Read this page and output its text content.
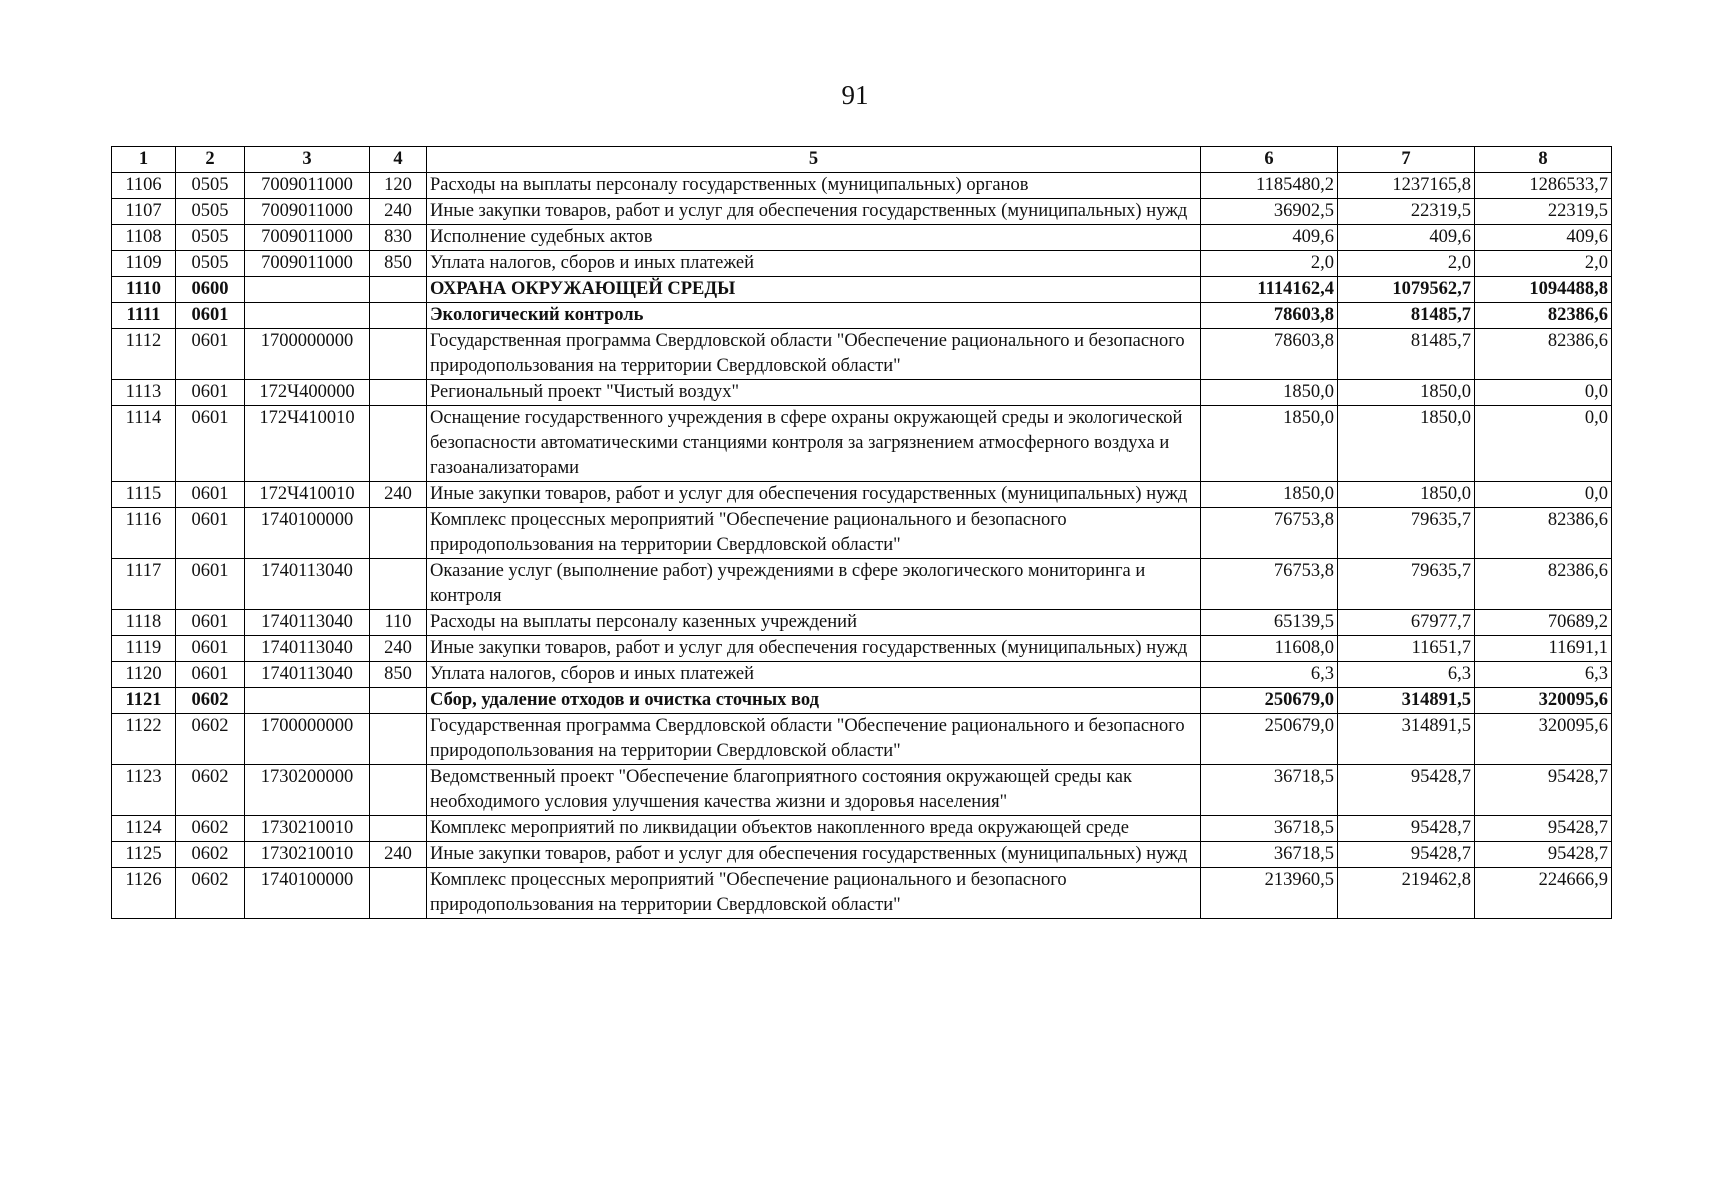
91
1	2	3	4	5	6	7	8
1106	0505	7009011000	120	Расходы на выплаты персоналу государственных (муниципальных) органов	1185480,2	1237165,8	1286533,7
1107	0505	7009011000	240	Иные закупки товаров, работ и услуг для обеспечения государственных (муниципальных) нужд	36902,5	22319,5	22319,5
1108	0505	7009011000	830	Исполнение судебных актов	409,6	409,6	409,6
1109	0505	7009011000	850	Уплата налогов, сборов и иных платежей	2,0	2,0	2,0
1110	0600			ОХРАНА ОКРУЖАЮЩЕЙ СРЕДЫ	1114162,4	1079562,7	1094488,8
1111	0601			Экологический контроль	78603,8	81485,7	82386,6
1112	0601	1700000000		Государственная программа Свердловской области "Обеспечение рационального и безопасного природопользования на территории Свердловской области"	78603,8	81485,7	82386,6
1113	0601	172Ч400000		Региональный проект "Чистый воздух"	1850,0	1850,0	0,0
1114	0601	172Ч410010		Оснащение государственного учреждения в сфере охраны окружающей среды и экологической безопасности автоматическими станциями контроля за загрязнением атмосферного воздуха и газоанализаторами	1850,0	1850,0	0,0
1115	0601	172Ч410010	240	Иные закупки товаров, работ и услуг для обеспечения государственных (муниципальных) нужд	1850,0	1850,0	0,0
1116	0601	1740100000		Комплекс процессных мероприятий "Обеспечение рационального и безопасного природопользования на территории Свердловской области"	76753,8	79635,7	82386,6
1117	0601	1740113040		Оказание услуг (выполнение работ) учреждениями в сфере экологического мониторинга и контроля	76753,8	79635,7	82386,6
1118	0601	1740113040	110	Расходы на выплаты персоналу казенных учреждений	65139,5	67977,7	70689,2
1119	0601	1740113040	240	Иные закупки товаров, работ и услуг для обеспечения государственных (муниципальных) нужд	11608,0	11651,7	11691,1
1120	0601	1740113040	850	Уплата налогов, сборов и иных платежей	6,3	6,3	6,3
1121	0602			Сбор, удаление отходов и очистка сточных вод	250679,0	314891,5	320095,6
1122	0602	1700000000		Государственная программа Свердловской области "Обеспечение рационального и безопасного природопользования на территории Свердловской области"	250679,0	314891,5	320095,6
1123	0602	1730200000		Ведомственный проект "Обеспечение благоприятного состояния окружающей среды как необходимого условия улучшения качества жизни и здоровья населения"	36718,5	95428,7	95428,7
1124	0602	1730210010		Комплекс мероприятий по ликвидации объектов накопленного вреда окружающей среде	36718,5	95428,7	95428,7
1125	0602	1730210010	240	Иные закупки товаров, работ и услуг для обеспечения государственных (муниципальных) нужд	36718,5	95428,7	95428,7
1126	0602	1740100000		Комплекс процессных мероприятий "Обеспечение рационального и безопасного природопользования на территории Свердловской области"	213960,5	219462,8	224666,9
